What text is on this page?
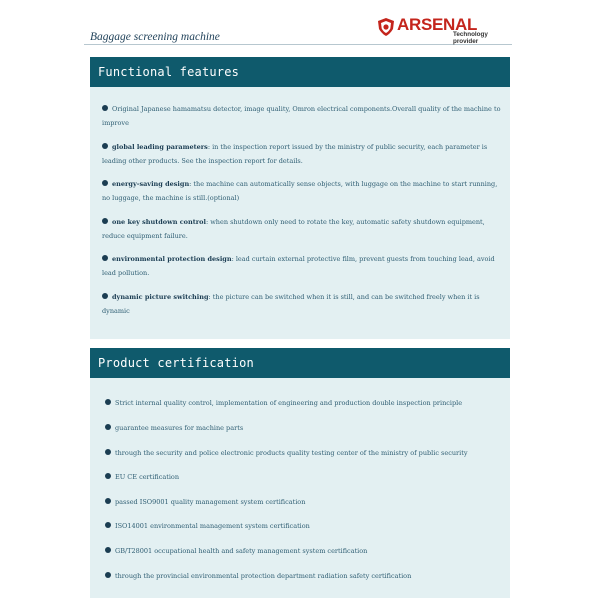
Baggage screening machine
ARSENAL
Technology provider
Functional features
Original Japanese hamamatsu detector, image quality, Omron electrical components.Overall quality of the machine to improve
global leading parameters: in the inspection report issued by the ministry of public security, each parameter is leading other products. See the inspection report for details.
energy-saving design: the machine can automatically sense objects, with luggage on the machine to start running, no luggage, the machine is still.(optional)
one key shutdown control: when shutdown only need to rotate the key, automatic safety shutdown equipment, reduce equipment failure.
environmental protection design: lead curtain external protective film, prevent guests from touching lead, avoid lead pollution.
dynamic picture switching: the picture can be switched when it is still, and can be switched freely when it is dynamic
Product certification
Strict internal quality control, implementation of engineering and production double inspection principle
guarantee measures for machine parts
through the security and police electronic products quality testing center of the ministry of public security
EU CE certification
passed ISO9001 quality management system certification
ISO14001 environmental management system certification
GB/T28001 occupational health and safety management system certification
through the provincial environmental protection department radiation safety certification
